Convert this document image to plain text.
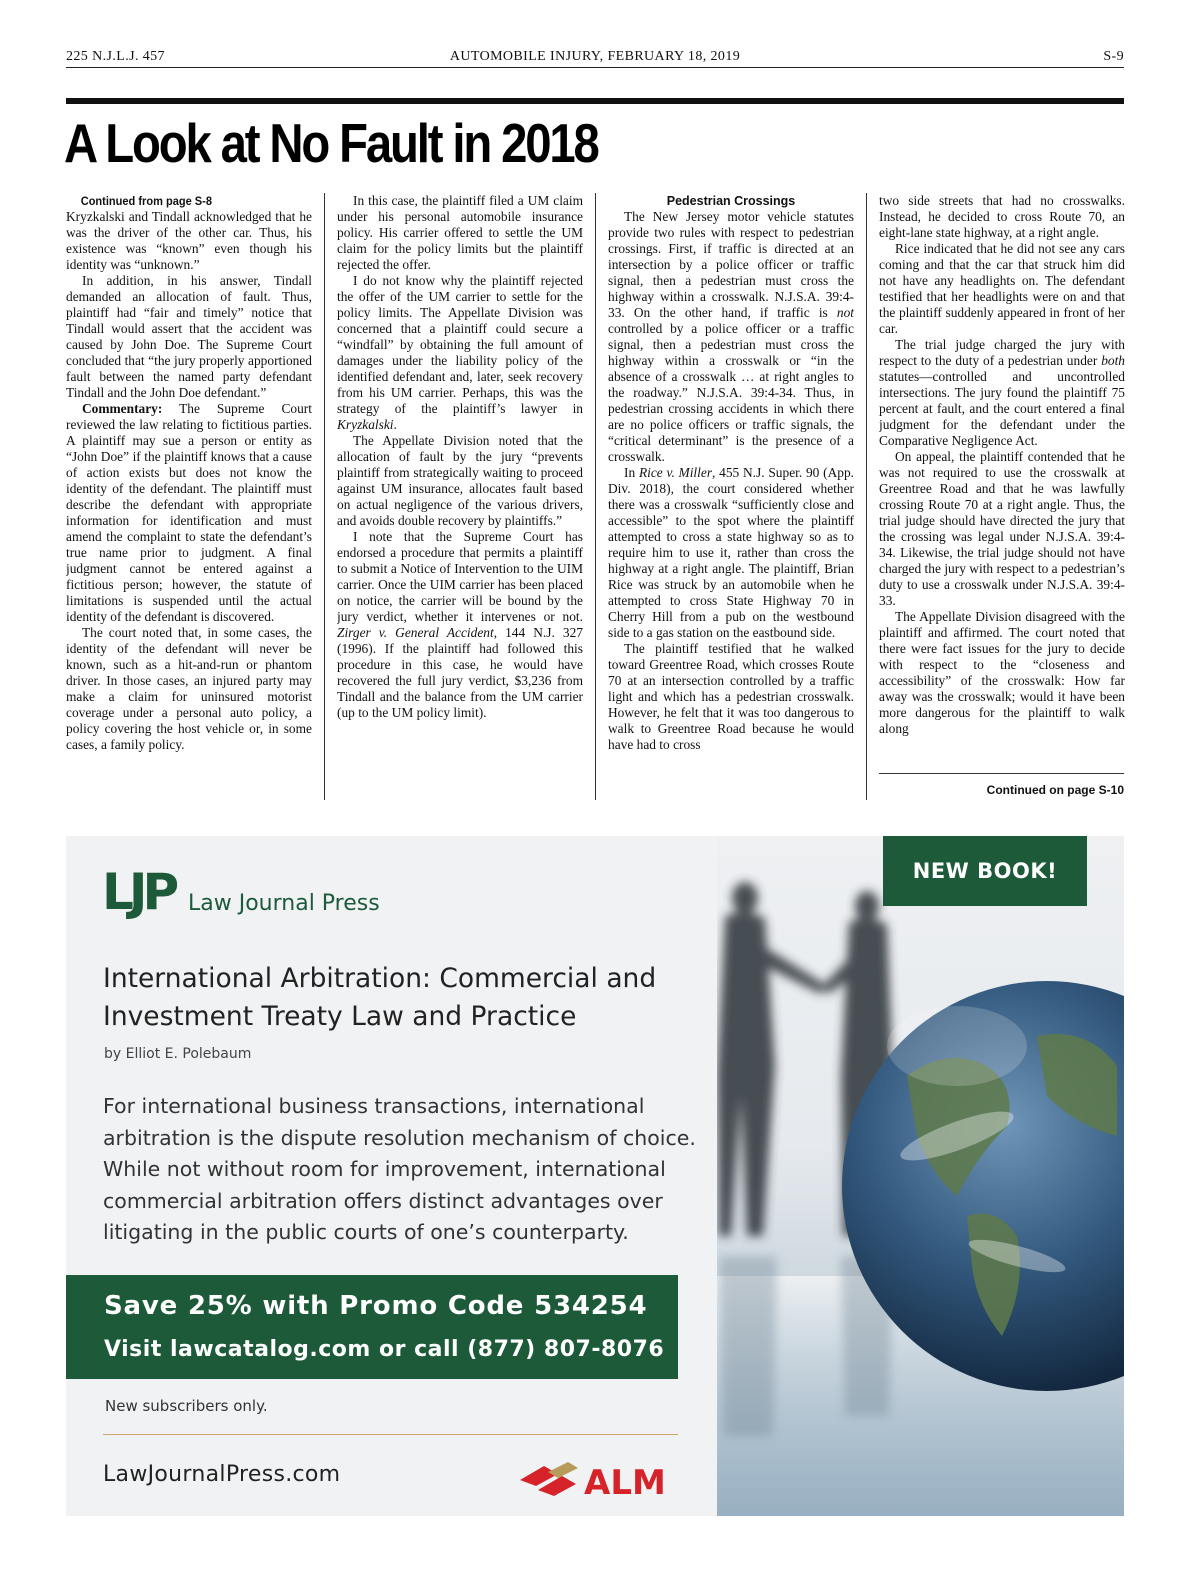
225 N.J.L.J. 457	AUTOMOBILE INJURY, FEBRUARY 18, 2019	S-9
A Look at No Fault in 2018

Continued from page S-8

Kryzkalski and Tindall acknowledged that he was the driver of the other car. Thus, his existence was “known” even though his identity was “unknown.”

In addition, in his answer, Tindall demanded an allocation of fault. Thus, plaintiff had “fair and timely” notice that Tindall would assert that the accident was caused by John Doe. The Supreme Court concluded that “the jury properly apportioned fault between the named party defendant Tindall and the John Doe defendant.”

Commentary: The Supreme Court reviewed the law relating to fictitious parties. A plaintiff may sue a person or entity as “John Doe” if the plaintiff knows that a cause of action exists but does not know the identity of the defendant. The plaintiff must describe the defendant with appropriate information for identification and must amend the complaint to state the defendant’s true name prior to judgment. A final judgment cannot be entered against a fictitious person; however, the statute of limitations is suspended until the actual identity of the defendant is discovered.

The court noted that, in some cases, the identity of the defendant will never be known, such as a hit-and-run or phantom driver. In those cases, an injured party may make a claim for uninsured motorist coverage under a personal auto policy, a policy covering the host vehicle or, in some cases, a family policy.

In this case, the plaintiff filed a UM claim under his personal automobile insurance policy. His carrier offered to settle the UM claim for the policy limits but the plaintiff rejected the offer.

I do not know why the plaintiff rejected the offer of the UM carrier to settle for the policy limits. The Appellate Division was concerned that a plaintiff could secure a “windfall” by obtaining the full amount of damages under the liability policy of the identified defendant and, later, seek recovery from his UM carrier. Perhaps, this was the strategy of the plaintiff’s lawyer in Kryzkalski.

The Appellate Division noted that the allocation of fault by the jury “prevents plaintiff from strategically waiting to proceed against UM insurance, allocates fault based on actual negligence of the various drivers, and avoids double recovery by plaintiffs.”

I note that the Supreme Court has endorsed a procedure that permits a plaintiff to submit a Notice of Intervention to the UIM carrier. Once the UIM carrier has been placed on notice, the carrier will be bound by the jury verdict, whether it intervenes or not. Zirger v. General Accident, 144 N.J. 327 (1996). If the plaintiff had followed this procedure in this case, he would have recovered the full jury verdict, $3,236 from Tindall and the balance from the UM carrier (up to the UM policy limit).

Pedestrian Crossings

The New Jersey motor vehicle statutes provide two rules with respect to pedestrian crossings. First, if traffic is directed at an intersection by a police officer or traffic signal, then a pedestrian must cross the highway within a crosswalk. N.J.S.A. 39:4-33. On the other hand, if traffic is not controlled by a police officer or a traffic signal, then a pedestrian must cross the highway within a crosswalk or “in the absence of a crosswalk … at right angles to the roadway.” N.J.S.A. 39:4-34. Thus, in pedestrian crossing accidents in which there are no police officers or traffic signals, the “critical determinant” is the presence of a crosswalk.

In Rice v. Miller, 455 N.J. Super. 90 (App. Div. 2018), the court considered whether there was a crosswalk “sufficiently close and accessible” to the spot where the plaintiff attempted to cross a state highway so as to require him to use it, rather than cross the highway at a right angle. The plaintiff, Brian Rice was struck by an automobile when he attempted to cross State Highway 70 in Cherry Hill from a pub on the westbound side to a gas station on the eastbound side.

The plaintiff testified that he walked toward Greentree Road, which crosses Route 70 at an intersection controlled by a traffic light and which has a pedestrian crosswalk. However, he felt that it was too dangerous to walk to Greentree Road because he would have had to cross

two side streets that had no crosswalks. Instead, he decided to cross Route 70, an eight-lane state highway, at a right angle.

Rice indicated that he did not see any cars coming and that the car that struck him did not have any headlights on. The defendant testified that her headlights were on and that the plaintiff suddenly appeared in front of her car.

The trial judge charged the jury with respect to the duty of a pedestrian under both statutes—controlled and uncontrolled intersections. The jury found the plaintiff 75 percent at fault, and the court entered a final judgment for the defendant under the Comparative Negligence Act.

On appeal, the plaintiff contended that he was not required to use the crosswalk at Greentree Road and that he was lawfully crossing Route 70 at a right angle. Thus, the trial judge should have directed the jury that the crossing was legal under N.J.S.A. 39:4-34. Likewise, the trial judge should not have charged the jury with respect to a pedestrian’s duty to use a crosswalk under N.J.S.A. 39:4-33.

The Appellate Division disagreed with the plaintiff and affirmed. The court noted that there were fact issues for the jury to decide with respect to the “closeness and accessibility” of the crosswalk: How far away was the crosswalk; would it have been more dangerous for the plaintiff to walk along

Continued on page S-10
NEW BOOK!
LJP Law Journal Press
International Arbitration: Commercial and Investment Treaty Law and Practice
by Elliot E. Polebaum

For international business transactions, international arbitration is the dispute resolution mechanism of choice. While not without room for improvement, international commercial arbitration offers distinct advantages over litigating in the public courts of one’s counterparty.

Save 25% with Promo Code 534254
Visit lawcatalog.com or call (877) 807-8076
New subscribers only.
LawJournalPress.com	ALM
